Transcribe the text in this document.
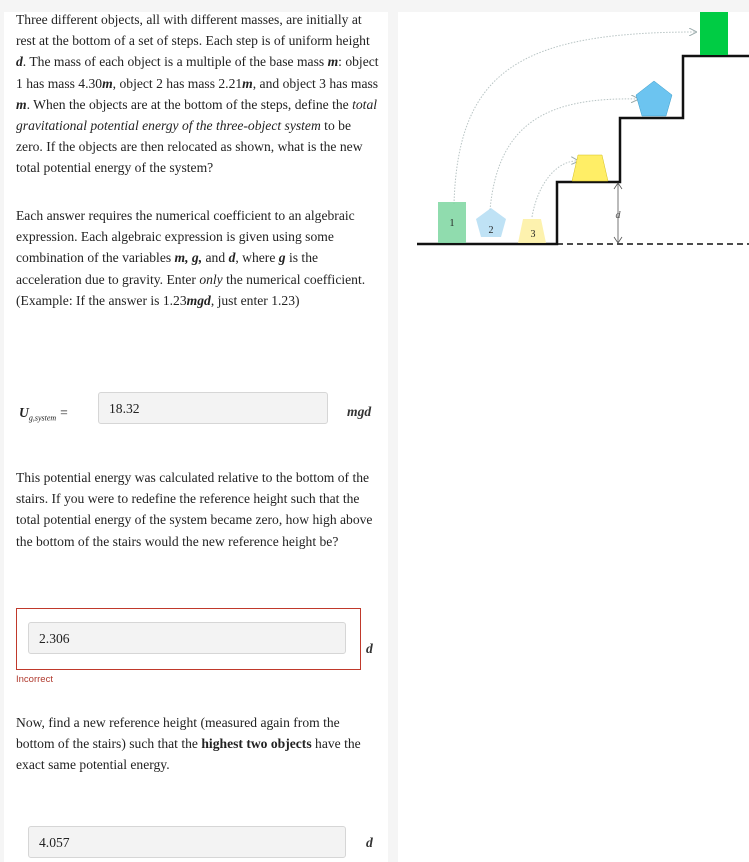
Three different objects, all with different masses, are initially at rest at the bottom of a set of steps. Each step is of uniform height d. The mass of each object is a multiple of the base mass m: object 1 has mass 4.30m, object 2 has mass 2.21m, and object 3 has mass m. When the objects are at the bottom of the steps, define the total gravitational potential energy of the three-object system to be zero. If the objects are then relocated as shown, what is the new total potential energy of the system?

Each answer requires the numerical coefficient to an algebraic expression. Each algebraic expression is given using some combination of the variables m, g, and d, where g is the acceleration due to gravity. Enter only the numerical coefficient. (Example: If the answer is 1.23mgd, just enter 1.23)

$U_{g,system}$ =	18.32	mgd

This potential energy was calculated relative to the bottom of the stairs. If you were to redefine the reference height such that the total potential energy of the system became zero, how high above the bottom of the stairs would the new reference height be?

2.306
d
Incorrect

Now, find a new reference height (measured again from the bottom of the stairs) such that the highest two objects have the exact same potential energy.

4.057	d
d
1
2	3
